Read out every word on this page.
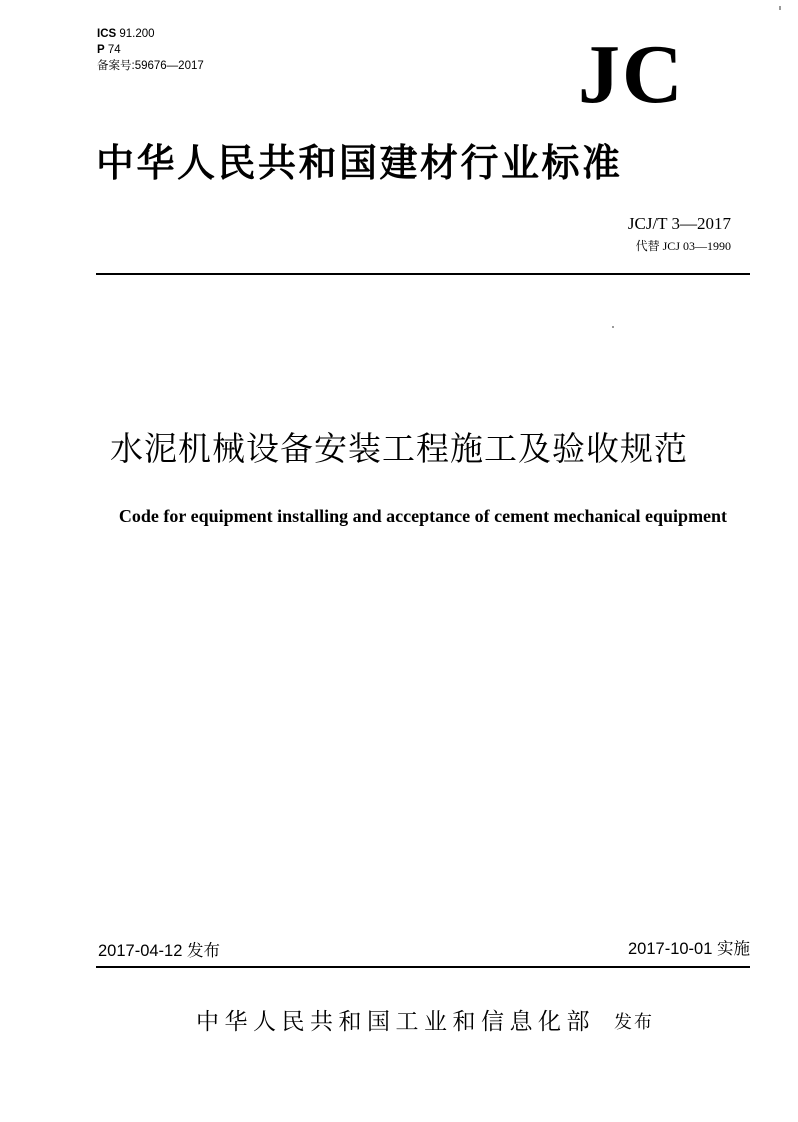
ICS 91.200
P 74
备案号:59676—2017	JC
中华人民共和国建材行业标准
JCJ/T 3—2017
代替 JCJ 03—1990
水泥机械设备安装工程施工及验收规范
Code for equipment installing and acceptance of cement mechanical equipment
2017-04-12 发布	2017-10-01 实施
中华人民共和国工业和信息化部 发布
